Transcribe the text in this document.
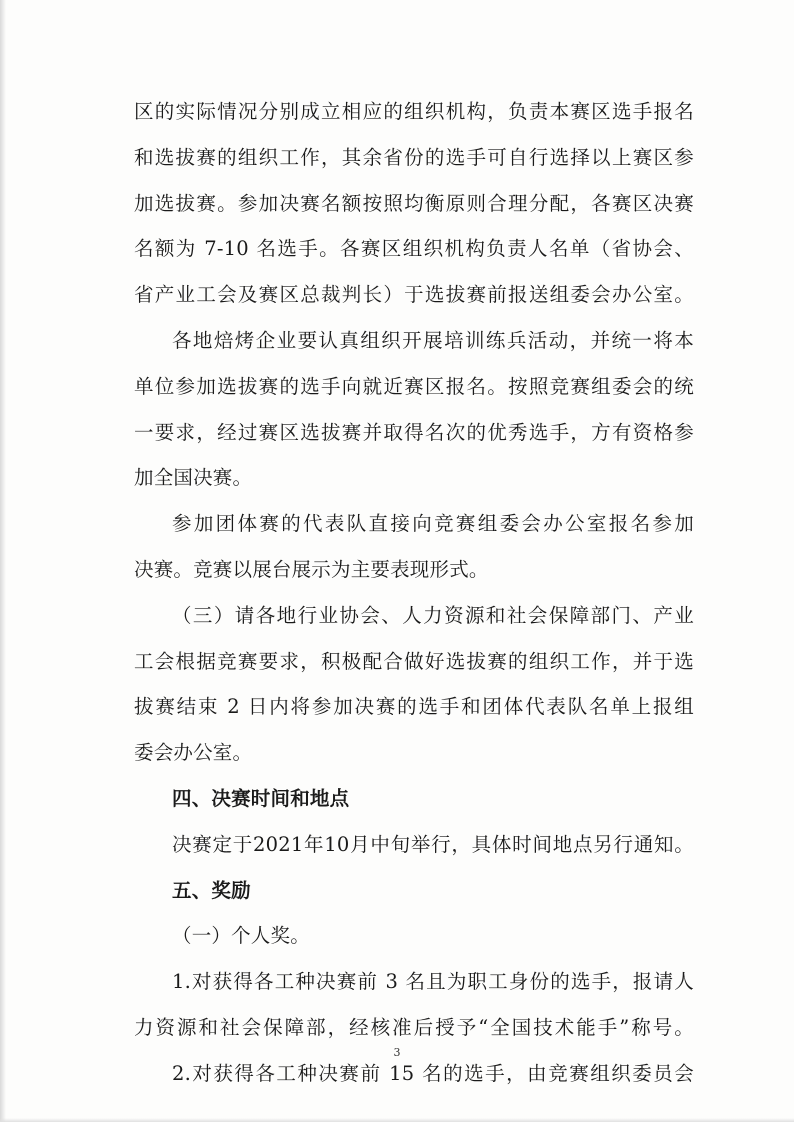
区的实际情况分别成立相应的组织机构，负责本赛区选手报名
和选拔赛的组织工作，其余省份的选手可自行选择以上赛区参
加选拔赛。参加决赛名额按照均衡原则合理分配，各赛区决赛
名额为 7-10 名选手。各赛区组织机构负责人名单（省协会、
省产业工会及赛区总裁判长）于选拔赛前报送组委会办公室。
各地焙烤企业要认真组织开展培训练兵活动，并统一将本
单位参加选拔赛的选手向就近赛区报名。按照竞赛组委会的统
一要求，经过赛区选拔赛并取得名次的优秀选手，方有资格参
加全国决赛。
参加团体赛的代表队直接向竞赛组委会办公室报名参加
决赛。竞赛以展台展示为主要表现形式。
（三）请各地行业协会、人力资源和社会保障部门、产业
工会根据竞赛要求，积极配合做好选拔赛的组织工作，并于选
拔赛结束 2 日内将参加决赛的选手和团体代表队名单上报组
委会办公室。
四、决赛时间和地点
决赛定于2021年10月中旬举行，具体时间地点另行通知。
五、奖励
（一）个人奖。
1.对获得各工种决赛前 3 名且为职工身份的选手，报请人
力资源和社会保障部，经核准后授予“全国技术能手”称号。
3
2.对获得各工种决赛前 15 名的选手，由竞赛组织委员会
